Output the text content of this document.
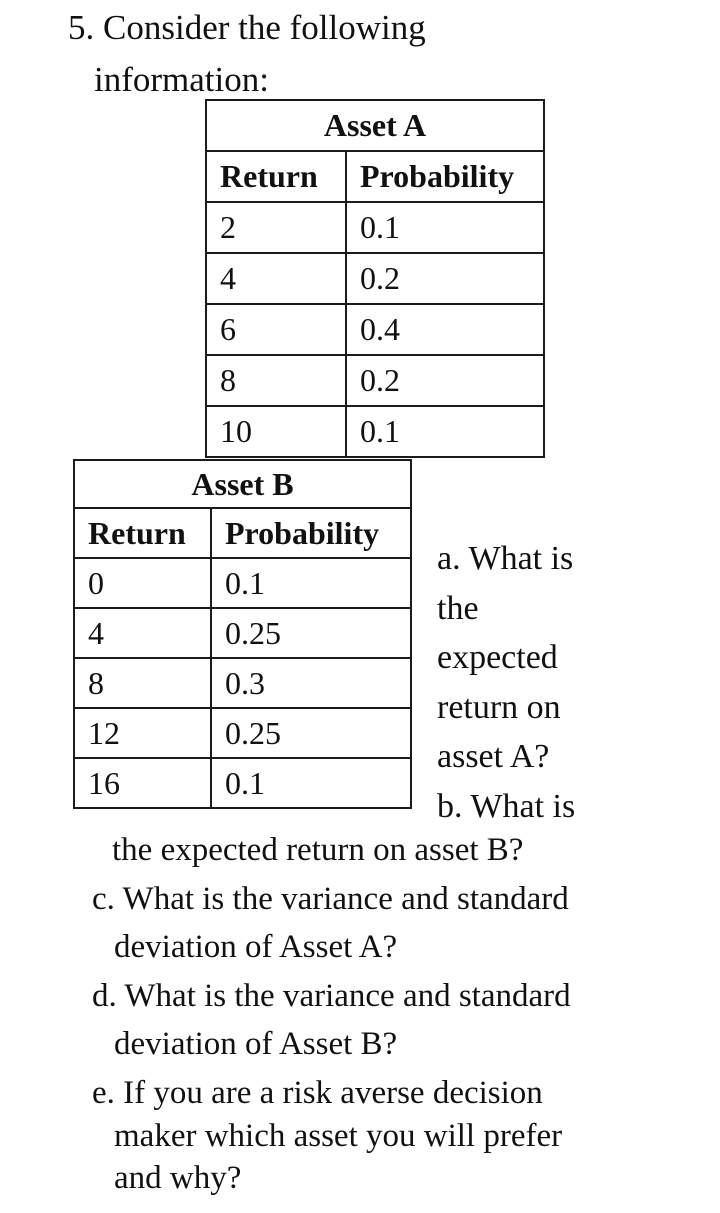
5. Consider the following
information:
Asset A	
Return	Probability
2	0.1
4	0.2
6	0.4
8	0.2
10	0.1
Asset B	
Return	Probability
0	0.1
4	0.25
8	0.3
12	0.25
16	0.1
a. What is
the
expected
return on
asset A?
b. What is
the expected return on asset B?
c. What is the variance and standard
deviation of Asset A?
d. What is the variance and standard
deviation of Asset B?
e. If you are a risk averse decision
maker which asset you will prefer
and why?
